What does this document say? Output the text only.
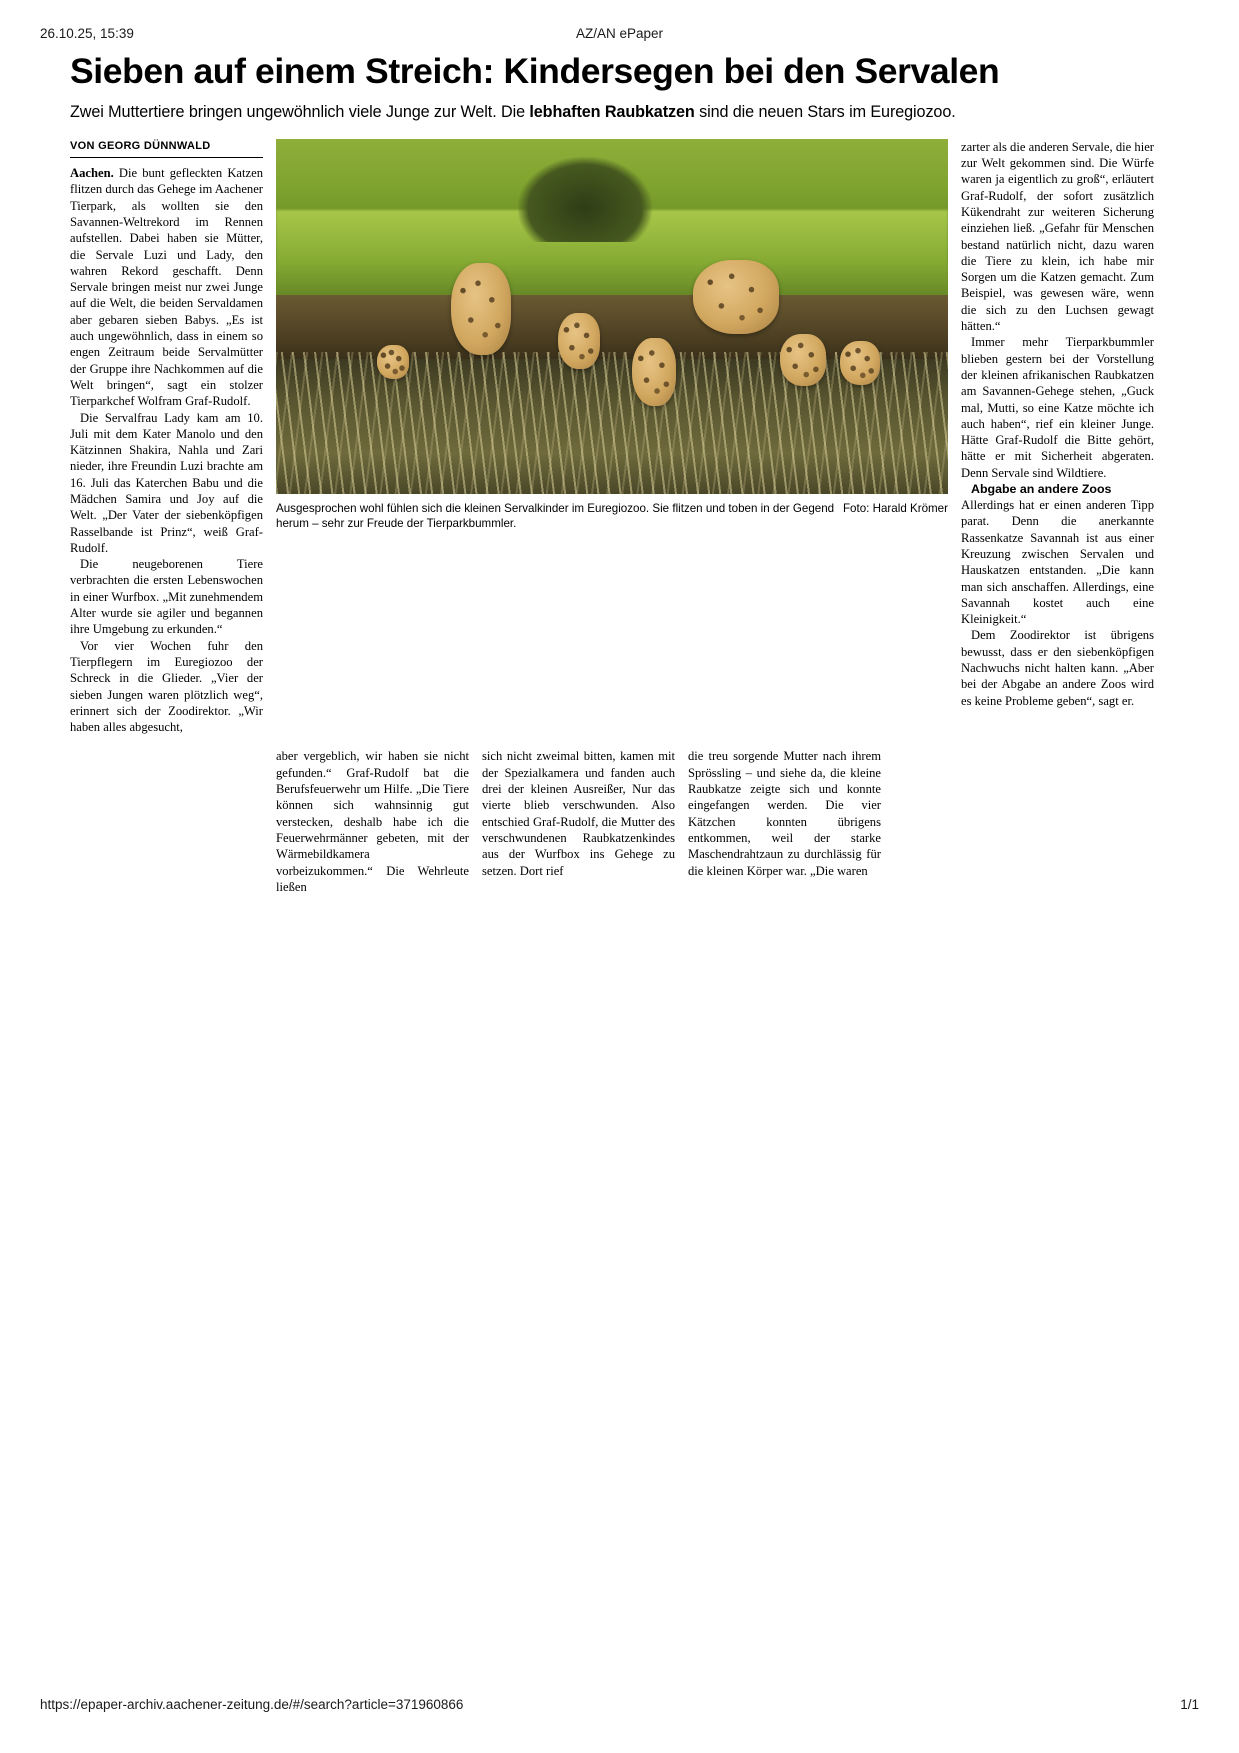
26.10.25, 15:39	AZ/AN ePaper
Sieben auf einem Streich: Kindersegen bei den Servalen

Zwei Muttertiere bringen ungewöhnlich viele Junge zur Welt. Die lebhaften Raubkatzen sind die neuen Stars im Euregiozoo.

VON GEORG DÜNNWALD

Aachen. Die bunt gefleckten Katzen flitzen durch das Gehege im Aachener Tierpark, als wollten sie den Savannen-Weltrekord im Rennen aufstellen. Dabei haben sie Mütter, die Servale Luzi und Lady, den wahren Rekord geschafft. Denn Servale bringen meist nur zwei Junge auf die Welt, die beiden Servaldamen aber gebaren sieben Babys. „Es ist auch ungewöhnlich, dass in einem so engen Zeitraum beide Servalmütter der Gruppe ihre Nachkommen auf die Welt bringen“, sagt ein stolzer Tierparkchef Wolfram Graf-Rudolf.

Die Servalfrau Lady kam am 10. Juli mit dem Kater Manolo und den Kätzinnen Shakira, Nahla und Zari nieder, ihre Freundin Luzi brachte am 16. Juli das Katerchen Babu und die Mädchen Samira und Joy auf die Welt. „Der Vater der siebenköpfigen Rasselbande ist Prinz“, weiß Graf-Rudolf.

Die neugeborenen Tiere verbrachten die ersten Lebenswochen in einer Wurfbox. „Mit zunehmendem Alter wurde sie agiler und begannen ihre Umgebung zu erkunden.“

Vor vier Wochen fuhr den Tierpflegern im Euregiozoo der Schreck in die Glieder. „Vier der sieben Jungen waren plötzlich weg“, erinnert sich der Zoodirektor. „Wir haben alles abgesucht,

Foto: Harald Krömer
Ausgesprochen wohl fühlen sich die kleinen Servalkinder im Euregiozoo. Sie flitzen und toben in der Gegend herum – sehr zur Freude der Tierparkbummler.

zarter als die anderen Servale, die hier zur Welt gekommen sind. Die Würfe waren ja eigentlich zu groß“, erläutert Graf-Rudolf, der sofort zusätzlich Kükendraht zur weiteren Sicherung einziehen ließ. „Gefahr für Menschen bestand natürlich nicht, dazu waren die Tiere zu klein, ich habe mir Sorgen um die Katzen gemacht. Zum Beispiel, was gewesen wäre, wenn die sich zu den Luchsen gewagt hätten.“

Immer mehr Tierparkbummler blieben gestern bei der Vorstellung der kleinen afrikanischen Raubkatzen am Savannen-Gehege stehen, „Guck mal, Mutti, so eine Katze möchte ich auch haben“, rief ein kleiner Junge. Hätte Graf-Rudolf die Bitte gehört, hätte er mit Sicherheit abgeraten. Denn Servale sind Wildtiere.

Abgabe an andere Zoos

Allerdings hat er einen anderen Tipp parat. Denn die anerkannte Rassenkatze Savannah ist aus einer Kreuzung zwischen Servalen und Hauskatzen entstanden. „Die kann man sich anschaffen. Allerdings, eine Savannah kostet auch eine Kleinigkeit.“

Dem Zoodirektor ist übrigens bewusst, dass er den siebenköpfigen Nachwuchs nicht halten kann. „Aber bei der Abgabe an andere Zoos wird es keine Probleme geben“, sagt er.

aber vergeblich, wir haben sie nicht gefunden.“ Graf-Rudolf bat die Berufsfeuerwehr um Hilfe. „Die Tiere können sich wahnsinnig gut verstecken, deshalb habe ich die Feuerwehrmänner gebeten, mit der Wärmebildkamera vorbeizukommen.“ Die Wehrleute ließen

sich nicht zweimal bitten, kamen mit der Spezialkamera und fanden auch drei der kleinen Ausreißer, Nur das vierte blieb verschwunden. Also entschied Graf-Rudolf, die Mutter des verschwundenen Raubkatzenkindes aus der Wurfbox ins Gehege zu setzen. Dort rief

die treu sorgende Mutter nach ihrem Sprössling – und siehe da, die kleine Raubkatze zeigte sich und konnte eingefangen werden. Die vier Kätzchen konnten übrigens entkommen, weil der starke Maschendrahtzaun zu durchlässig für die kleinen Körper war. „Die waren

https://epaper-archiv.aachener-zeitung.de/#/search?article=371960866	1/1
